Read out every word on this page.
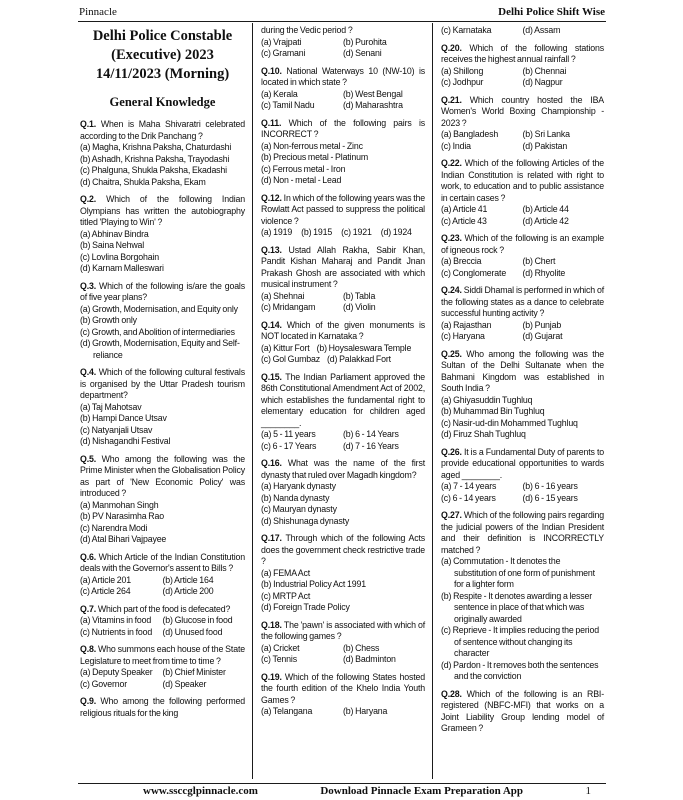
Pinnacle	Delhi Police Shift Wise
Delhi Police Constable
(Executive) 2023
14/11/2023 (Morning)
General Knowledge
Q.1. When is Maha Shivaratri celebrated according to the Drik Panchang ?
(a) Magha, Krishna Paksha, Chaturdashi
(b) Ashadh, Krishna Paksha, Trayodashi
(c) Phalguna, Shukla Paksha, Ekadashi
(d) Chaitra, Shukla Paksha, Ekam
Q.2. Which of the following Indian Olympians has written the autobiography titled 'Playing to Win' ?
(a) Abhinav Bindra
(b) Saina Nehwal
(c) Lovlina Borgohain
(d) Karnam Malleswari
Q.3. Which of the following is/are the goals of five year plans?
(a) Growth, Modernisation, and Equity only
(b) Growth only
(c) Growth, and Abolition of intermediaries
(d) Growth, Modernisation, Equity and Self-reliance
Q.4. Which of the following cultural festivals is organised by the Uttar Pradesh tourism department?
(a) Taj Mahotsav
(b) Hampi Dance Utsav
(c) Natyanjali Utsav
(d) Nishagandhi Festival
Q.5. Who among the following was the Prime Minister when the Globalisation Policy as part of 'New Economic Policy' was introduced ?
(a) Manmohan Singh
(b) PV Narasimha Rao
(c) Narendra Modi
(d) Atal Bihari Vajpayee
Q.6. Which Article of the Indian Constitution deals with the Governor's assent to Bills ?
(a) Article 201	(b) Article 164
(c) Article 264	(d) Article 200
Q.7. Which part of the food is defecated?
(a) Vitamins in food	(b) Glucose in food
(c) Nutrients in food	(d) Unused food
Q.8. Who summons each house of the State Legislature to meet from time to time ?
(a) Deputy Speaker	(b) Chief Minister
(c) Governor	(d) Speaker
Q.9. Who among the following performed religious rituals for the king
during the Vedic period ?
(a) Vrajpati	(b) Purohita
(c) Gramani	(d) Senani
Q.10. National Waterways 10 (NW-10) is located in which state ?
(a) Kerala	(b) West Bengal
(c) Tamil Nadu	(d) Maharashtra
Q.11. Which of the following pairs is INCORRECT ?
(a) Non-ferrous metal - Zinc
(b) Precious metal - Platinum
(c) Ferrous metal - Iron
(d) Non - metal - Lead
Q.12. In which of the following years was the Rowlatt Act passed to suppress the political violence ?
(a) 1919 (b) 1915 (c) 1921 (d) 1924
Q.13. Ustad Allah Rakha, Sabir Khan, Pandit Kishan Maharaj and Pandit Jnan Prakash Ghosh are associated with which musical instrument ?
(a) Shehnai	(b) Tabla
(c) Mridangam	(d) Violin
Q.14. Which of the given monuments is NOT located in Karnataka ?
(a) Kittur Fort (b) Hoysaleswara Temple
(c) Gol Gumbaz (d) Palakkad Fort
Q.15. The Indian Parliament approved the 86th Constitutional Amendment Act of 2002, which establishes the fundamental right to elementary education for children aged ________.
(a) 5 - 11 years	(b) 6 - 14 Years
(c) 6 - 17 Years	(d) 7 - 16 Years
Q.16. What was the name of the first dynasty that ruled over Magadh kingdom?
(a) Haryank dynasty
(b) Nanda dynasty
(c) Mauryan dynasty
(d) Shishunaga dynasty
Q.17. Through which of the following Acts does the government check restrictive trade ?
(a) FEMA Act
(b) Industrial Policy Act 1991
(c) MRTP Act
(d) Foreign Trade Policy
Q.18. The 'pawn' is associated with which of the following games ?
(a) Cricket	(b) Chess
(c) Tennis	(d) Badminton
Q.19. Which of the following States hosted the fourth edition of the Khelo India Youth Games ?
(a) Telangana	(b) Haryana
(c) Karnataka	(d) Assam
Q.20. Which of the following stations receives the highest annual rainfall ?
(a) Shillong	(b) Chennai
(c) Jodhpur	(d) Nagpur
Q.21. Which country hosted the IBA Women's World Boxing Championship - 2023 ?
(a) Bangladesh	(b) Sri Lanka
(c) India	(d) Pakistan
Q.22. Which of the following Articles of the Indian Constitution is related with right to work, to education and to public assistance in certain cases ?
(a) Article 41	(b) Article 44
(c) Article 43	(d) Article 42
Q.23. Which of the following is an example of igneous rock ?
(a) Breccia	(b) Chert
(c) Conglomerate	(d) Rhyolite
Q.24. Siddi Dhamal is performed in which of the following states as a dance to celebrate successful hunting activity ?
(a) Rajasthan	(b) Punjab
(c) Haryana	(d) Gujarat
Q.25. Who among the following was the Sultan of the Delhi Sultanate when the Bahmani Kingdom was established in South India ?
(a) Ghiyasuddin Tughluq
(b) Muhammad Bin Tughluq
(c) Nasir-ud-din Mohammed Tughluq
(d) Firuz Shah Tughluq
Q.26. It is a Fundamental Duty of parents to provide educational opportunities to wards aged ________.
(a) 7 - 14 years	(b) 6 - 16 years
(c) 6 - 14 years	(d) 6 - 15 years
Q.27. Which of the following pairs regarding the judicial powers of the Indian President and their definition is INCORRECTLY matched ?
(a) Commutation - It denotes the substitution of one form of punishment for a lighter form
(b) Respite - It denotes awarding a lesser sentence in place of that which was originally awarded
(c) Reprieve - It implies reducing the period of sentence without changing its character
(d) Pardon - It removes both the sentences and the conviction
Q.28. Which of the following is an RBI-registered (NBFC-MFI) that works on a Joint Liability Group lending model of Grameen ?
www.ssccglpinnacle.com	Download Pinnacle Exam Preparation App	1
